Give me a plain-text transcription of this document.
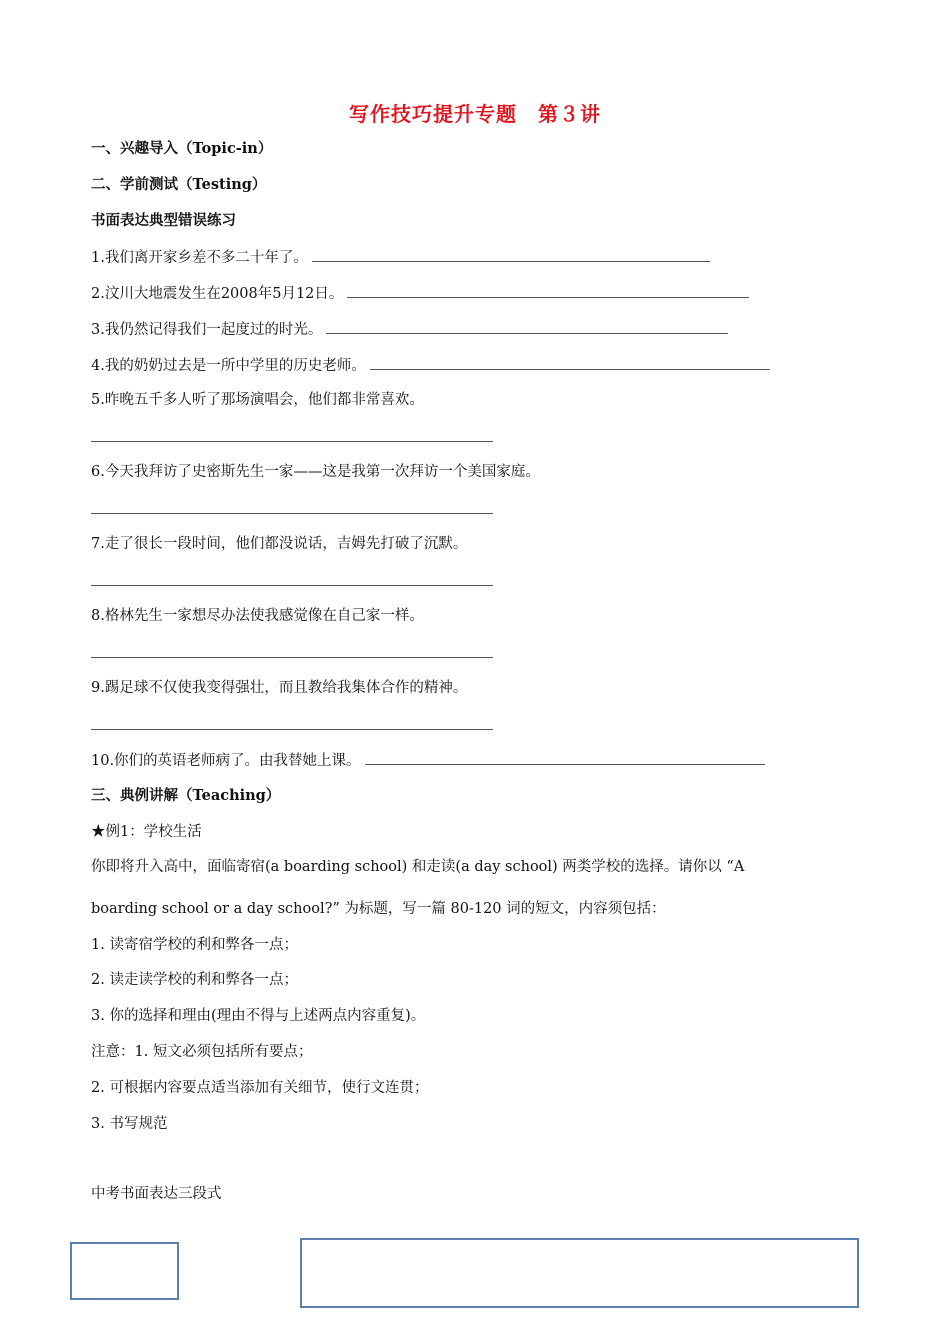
写作技巧提升专题　第３讲
一、兴趣导入（Topic-in）
二、学前测试（Testing）
书面表达典型错误练习
1.我们离开家乡差不多二十年了。
2.汶川大地震发生在2008年5月12日。
3.我仍然记得我们一起度过的时光。
4.我的奶奶过去是一所中学里的历史老师。
5.昨晚五千多人听了那场演唱会，他们都非常喜欢。
6.今天我拜访了史密斯先生一家——这是我第一次拜访一个美国家庭。
7.走了很长一段时间，他们都没说话，吉姆先打破了沉默。
8.格林先生一家想尽办法使我感觉像在自己家一样。
9.踢足球不仅使我变得强壮，而且教给我集体合作的精神。
10.你们的英语老师病了。由我替她上课。
三、典例讲解（Teaching）
★例1：学校生活
你即将升入高中，面临寄宿(a boarding school) 和走读(a day school) 两类学校的选择。请你以 “A
boarding school or a day school?” 为标题，写一篇 80-120 词的短文，内容须包括：
1. 读寄宿学校的利和弊各一点；
2. 读走读学校的利和弊各一点；
3. 你的选择和理由(理由不得与上述两点内容重复)。
注意：1. 短文必须包括所有要点；
2. 可根据内容要点适当添加有关细节，使行文连贯；
3. 书写规范
中考书面表达三段式
